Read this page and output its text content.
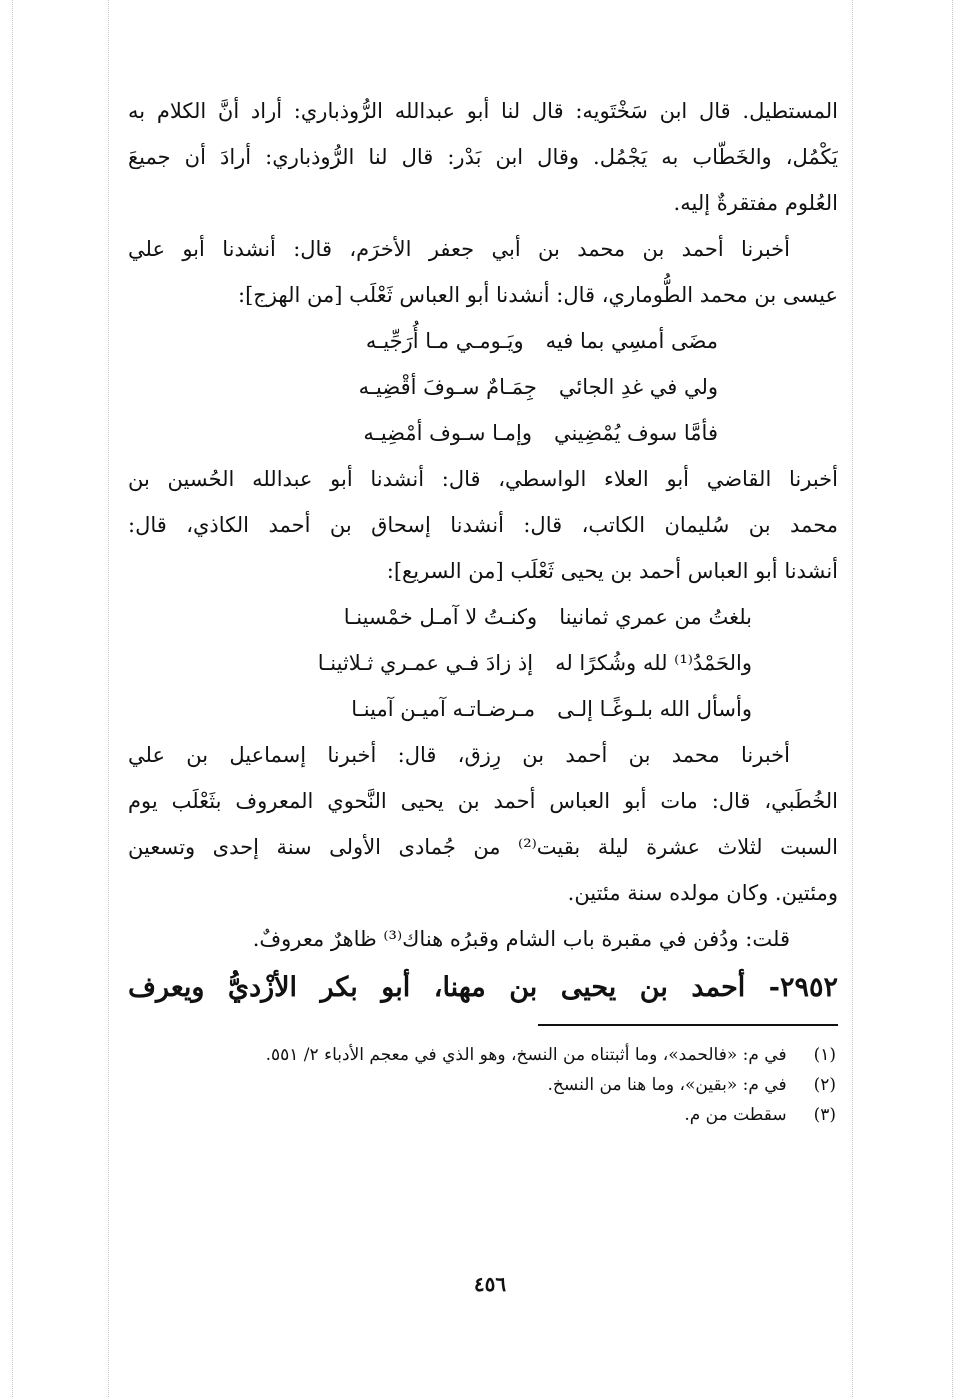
المستطيل. قال ابن سَخْتَويه: قال لنا أبو عبدالله الرُّوذباري: أراد أنَّ الكلام به
يَكْمُل، والخَطّاب به يَجْمُل. وقال ابن بَدْر: قال لنا الرُّوذباري: أرادَ أن جميعَ
العُلوم مفتقرةٌ إليه.
أخبرنا أحمد بن محمد بن أبي جعفر الأخرَم، قال: أنشدنا أبو علي
عيسى بن محمد الطُّوماري، قال: أنشدنا أبو العباس ثَعْلَب [من الهزج]:
مضَى أمسِي بما فيه
ويَـومـي مـا أُرَجِّيـه
ولي في غدِ الجائي
جِمَـامٌ سـوفَ أقْضِيـه
فأمَّا سوف يُمْضِيني
وإمـا سـوف أمْضِيـه
أخبرنا القاضي أبو العلاء الواسطي، قال: أنشدنا أبو عبدالله الحُسين بن
محمد بن سُليمان الكاتب، قال: أنشدنا إسحاق بن أحمد الكاذي، قال:
أنشدنا أبو العباس أحمد بن يحيى ثَعْلَب [من السريع]:
بلغتُ من عمري ثمانينا
وكنـتُ لا آمـل خمْسينـا
والحَمْدُ⁽¹⁾ لله وشُكرًا له
إذ زادَ فـي عمـري ثـلاثينـا
وأسأل الله بلـوغًـا إلـى
مـرضـاتـه آميـن آمينـا
أخبرنا محمد بن أحمد بن رِزق، قال: أخبرنا إسماعيل بن علي
الخُطَبي، قال: مات أبو العباس أحمد بن يحيى النَّحوي المعروف بثَعْلَب يوم
السبت لثلاث عشرة ليلة بقيت⁽²⁾ من جُمادى الأولى سنة إحدى وتسعين
ومئتين. وكان مولده سنة مئتين.
قلت: ودُفن في مقبرة باب الشام وقبرُه هناك⁽³⁾ ظاهرٌ معروفٌ.
٢٩٥٢- أحمد بن يحيى بن مهنا، أبو بكر الأزْديُّ ويعرف
(١) في م: «فالحمد»، وما أثبتناه من النسخ، وهو الذي في معجم الأدباء ٢/ ٥٥١.
(٢) في م: «بقين»، وما هنا من النسخ.
(٣) سقطت من م.
٤٥٦
